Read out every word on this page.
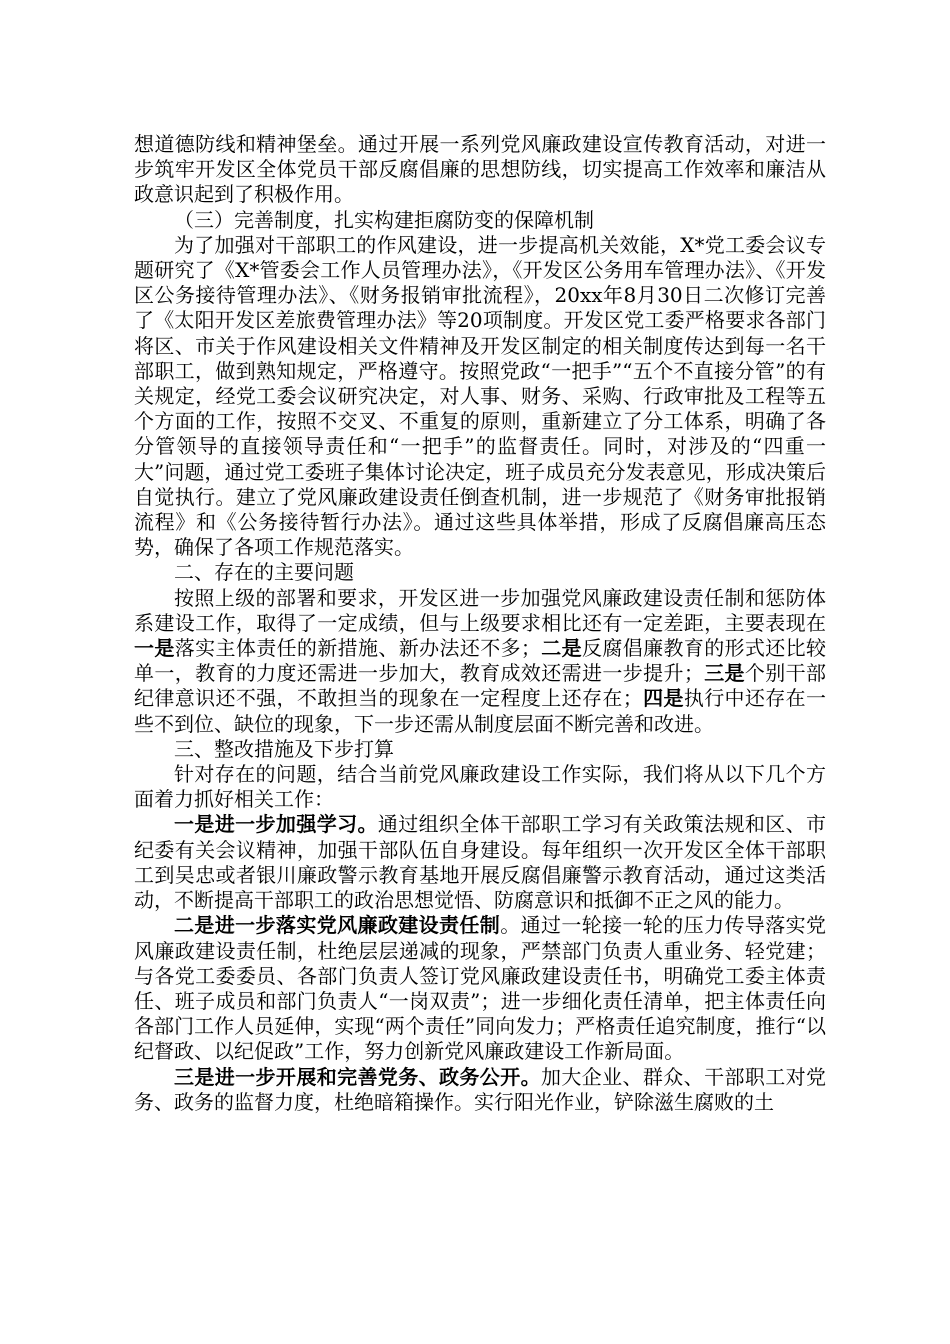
想道德防线和精神堡垒。通过开展一系列党风廉政建设宣传教育活动，对进一步筑牢开发区全体党员干部反腐倡廉的思想防线，切实提高工作效率和廉洁从政意识起到了积极作用。

（三）完善制度，扎实构建拒腐防变的保障机制

为了加强对干部职工的作风建设，进一步提高机关效能，X*党工委会议专题研究了《X*管委会工作人员管理办法》，《开发区公务用车管理办法》、《开发区公务接待管理办法》、《财务报销审批流程》，20xx年8月30日二次修订完善了《太阳开发区差旅费管理办法》等20项制度。开发区党工委严格要求各部门将区、市关于作风建设相关文件精神及开发区制定的相关制度传达到每一名干部职工，做到熟知规定，严格遵守。按照党政“一把手”“五个不直接分管”的有关规定，经党工委会议研究决定，对人事、财务、采购、行政审批及工程等五个方面的工作，按照不交叉、不重复的原则，重新建立了分工体系，明确了各分管领导的直接领导责任和“一把手”的监督责任。同时，对涉及的“四重一大”问题，通过党工委班子集体讨论决定，班子成员充分发表意见，形成决策后自觉执行。建立了党风廉政建设责任倒查机制，进一步规范了《财务审批报销流程》和《公务接待暂行办法》。通过这些具体举措，形成了反腐倡廉高压态势，确保了各项工作规范落实。

二、存在的主要问题

按照上级的部署和要求，开发区进一步加强党风廉政建设责任制和惩防体系建设工作，取得了一定成绩，但与上级要求相比还有一定差距，主要表现在一是落实主体责任的新措施、新办法还不多；二是反腐倡廉教育的形式还比较单一，教育的力度还需进一步加大，教育成效还需进一步提升；三是个别干部纪律意识还不强，不敢担当的现象在一定程度上还存在；四是执行中还存在一些不到位、缺位的现象，下一步还需从制度层面不断完善和改进。

三、整改措施及下步打算

针对存在的问题，结合当前党风廉政建设工作实际，我们将从以下几个方面着力抓好相关工作：

一是进一步加强学习。通过组织全体干部职工学习有关政策法规和区、市纪委有关会议精神，加强干部队伍自身建设。每年组织一次开发区全体干部职工到吴忠或者银川廉政警示教育基地开展反腐倡廉警示教育活动，通过这类活动，不断提高干部职工的政治思想觉悟、防腐意识和抵御不正之风的能力。

二是进一步落实党风廉政建设责任制。通过一轮接一轮的压力传导落实党风廉政建设责任制，杜绝层层递减的现象，严禁部门负责人重业务、轻党建；与各党工委委员、各部门负责人签订党风廉政建设责任书，明确党工委主体责任、班子成员和部门负责人“一岗双责”；进一步细化责任清单，把主体责任向各部门工作人员延伸，实现“两个责任”同向发力；严格责任追究制度，推行“以纪督政、以纪促政”工作，努力创新党风廉政建设工作新局面。

三是进一步开展和完善党务、政务公开。加大企业、群众、干部职工对党务、政务的监督力度，杜绝暗箱操作。实行阳光作业，铲除滋生腐败的土
